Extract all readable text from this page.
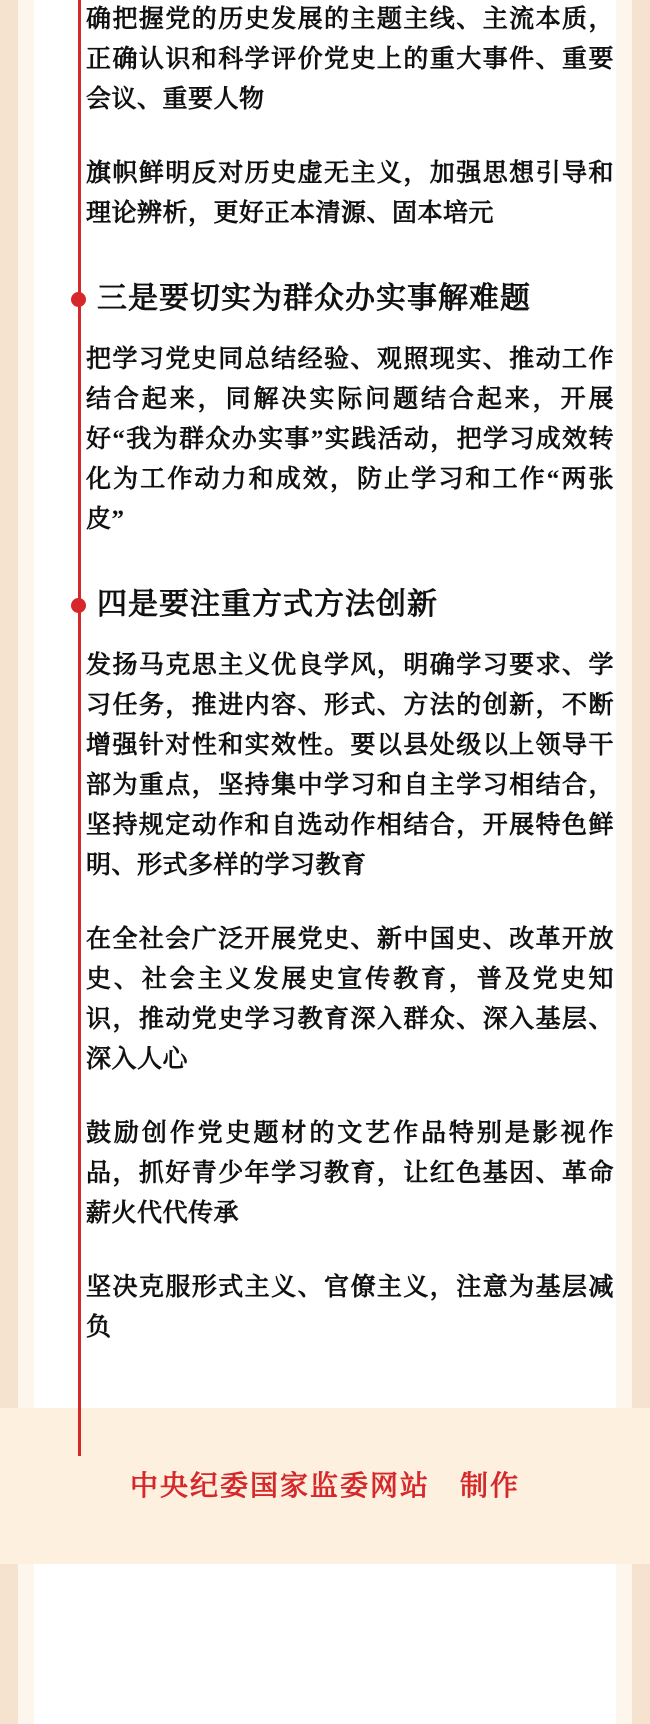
确把握党的历史发展的主题主线、主流本质，正确认识和科学评价党史上的重大事件、重要会议、重要人物

旗帜鲜明反对历史虚无主义，加强思想引导和理论辨析，更好正本清源、固本培元

三是要切实为群众办实事解难题

把学习党史同总结经验、观照现实、推动工作结合起来，同解决实际问题结合起来，开展好“我为群众办实事”实践活动，把学习成效转化为工作动力和成效，防止学习和工作“两张皮”

四是要注重方式方法创新

发扬马克思主义优良学风，明确学习要求、学习任务，推进内容、形式、方法的创新，不断增强针对性和实效性。要以县处级以上领导干部为重点，坚持集中学习和自主学习相结合，坚持规定动作和自选动作相结合，开展特色鲜明、形式多样的学习教育

在全社会广泛开展党史、新中国史、改革开放史、社会主义发展史宣传教育，普及党史知识，推动党史学习教育深入群众、深入基层、深入人心

鼓励创作党史题材的文艺作品特别是影视作品，抓好青少年学习教育，让红色基因、革命薪火代代传承

坚决克服形式主义、官僚主义，注意为基层减负

中央纪委国家监委网站 制作
